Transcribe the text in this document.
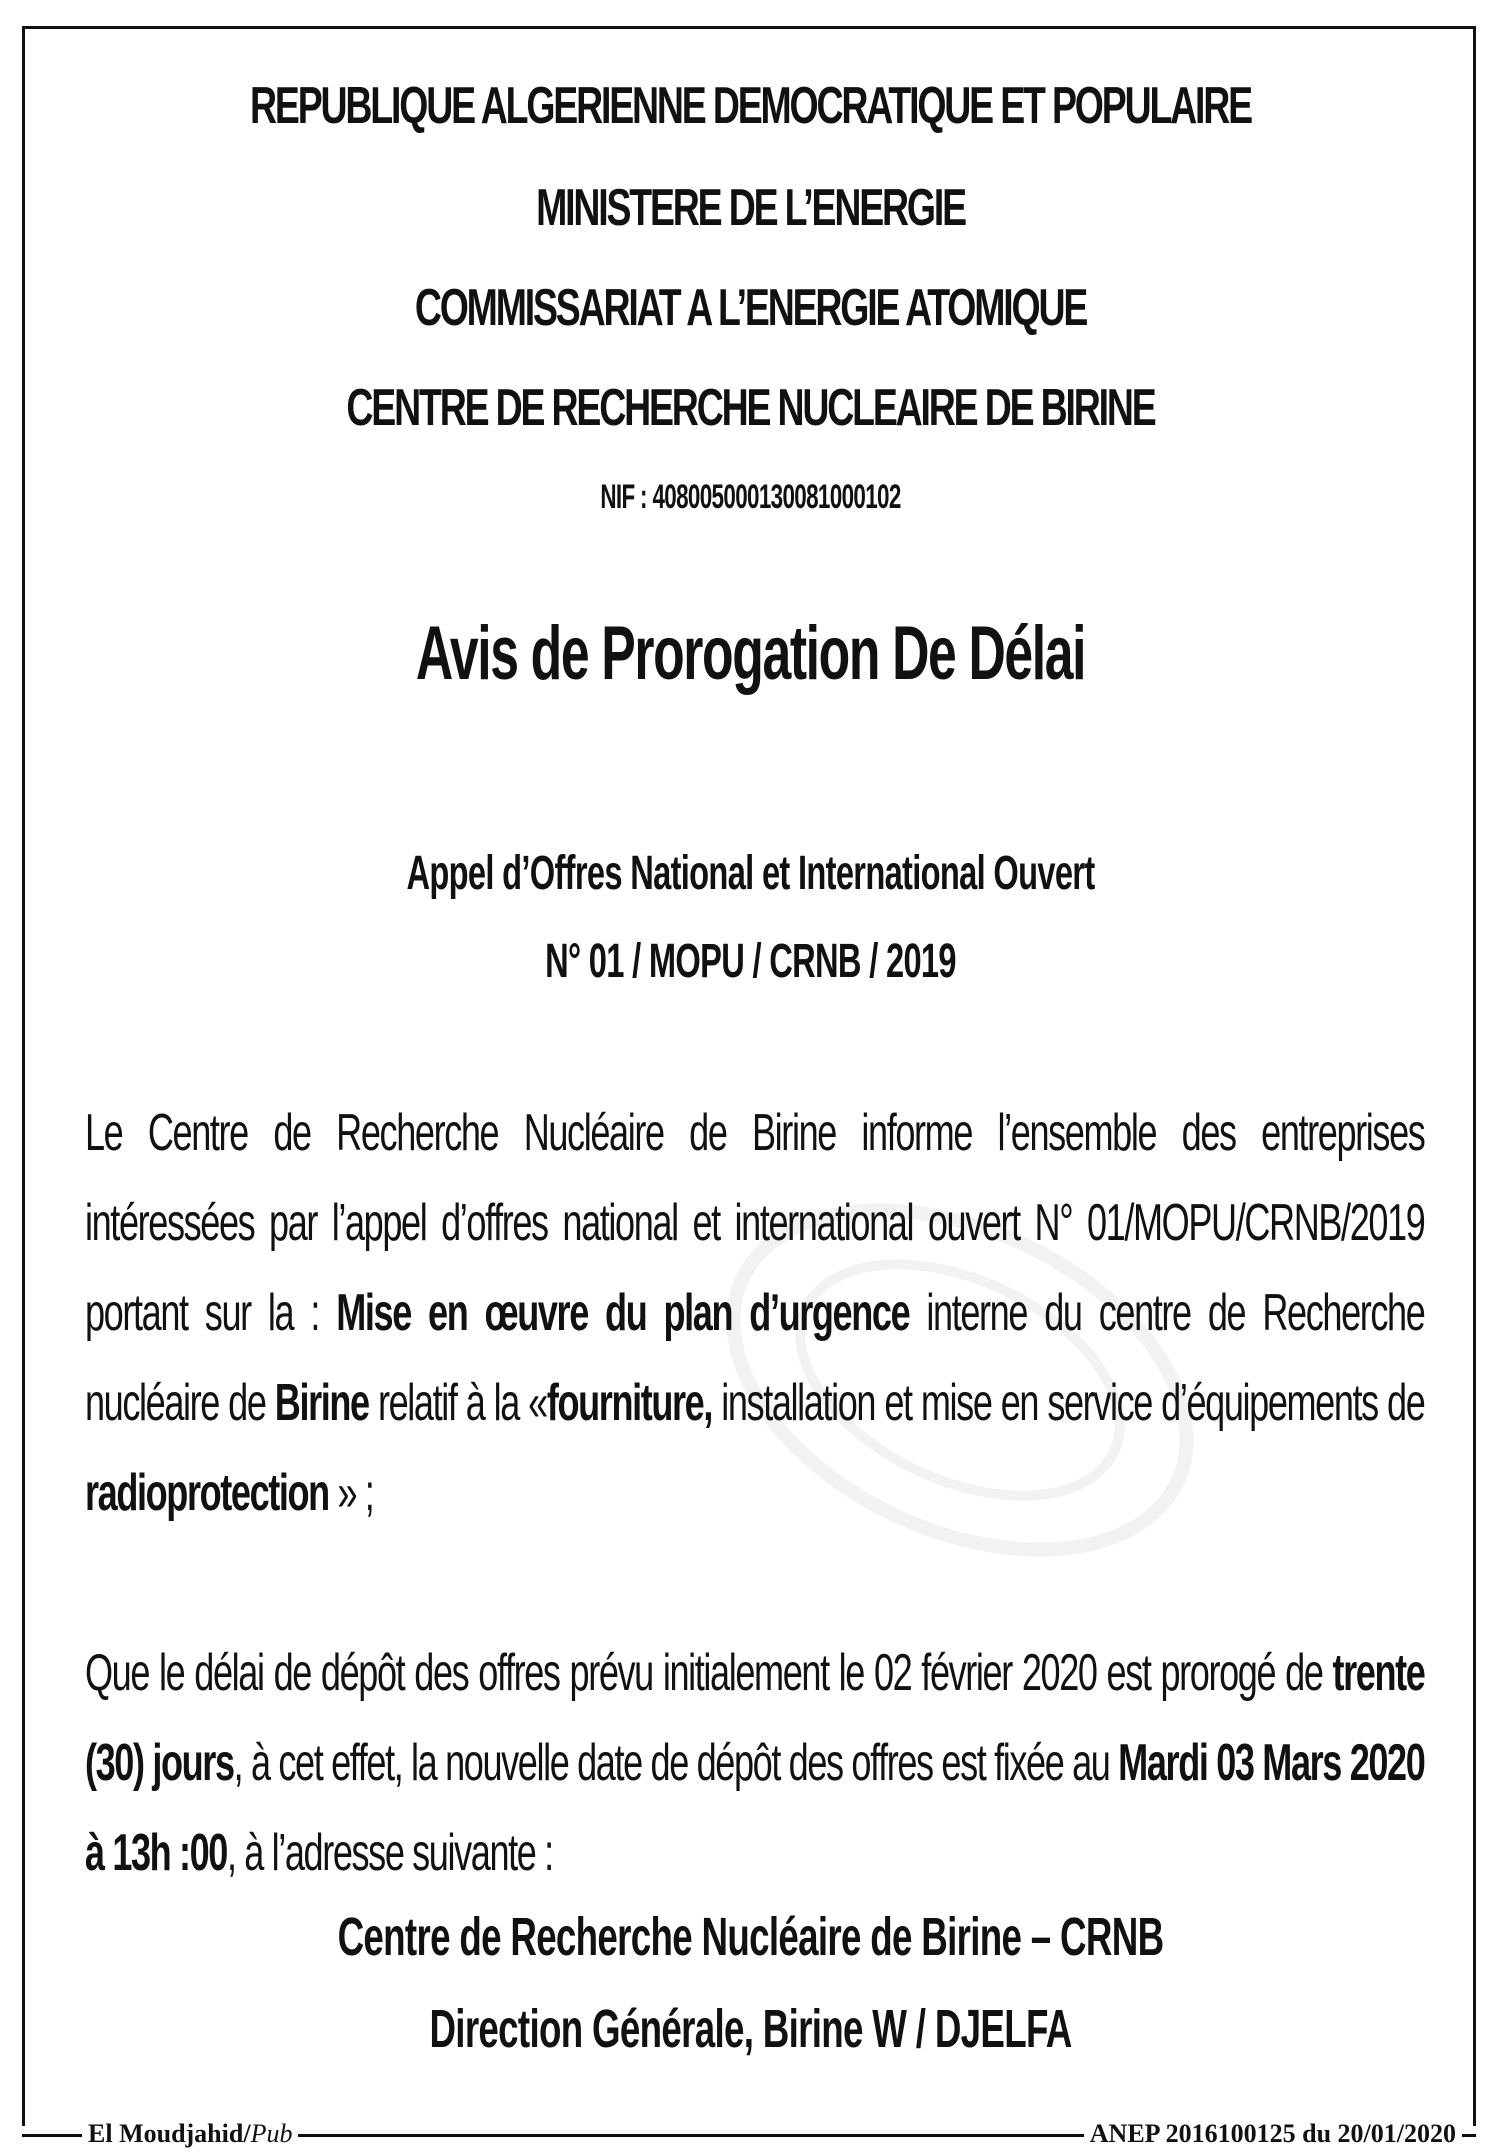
REPUBLIQUE ALGERIENNE DEMOCRATIQUE ET POPULAIRE
MINISTERE DE L’ENERGIE
COMMISSARIAT A L’ENERGIE ATOMIQUE
CENTRE DE RECHERCHE NUCLEAIRE DE BIRINE
NIF : 408005000130081000102
Avis de Prorogation De Délai
Appel d’Offres National et International Ouvert
N° 01 / MOPU / CRNB / 2019
Le Centre de Recherche Nucléaire de Birine informe l’ensemble des entreprises intéressées par l’appel d’offres national et international ouvert N° 01/MOPU/CRNB/2019 portant sur la : Mise en œuvre du plan d’urgence interne du centre de Recherche nucléaire de Birine relatif à la «fourniture, installation et mise en service d’équipements de radioprotection » ;
Que le délai de dépôt des offres prévu initialement le 02 février 2020 est prorogé de trente (30) jours, à cet effet, la nouvelle date de dépôt des offres est fixée au Mardi 03 Mars 2020 à 13h :00, à l’adresse suivante :
Centre de Recherche Nucléaire de Birine – CRNB
Direction Générale, Birine W / DJELFA
El Moudjahid/Pub	ANEP 2016100125 du 20/01/2020
